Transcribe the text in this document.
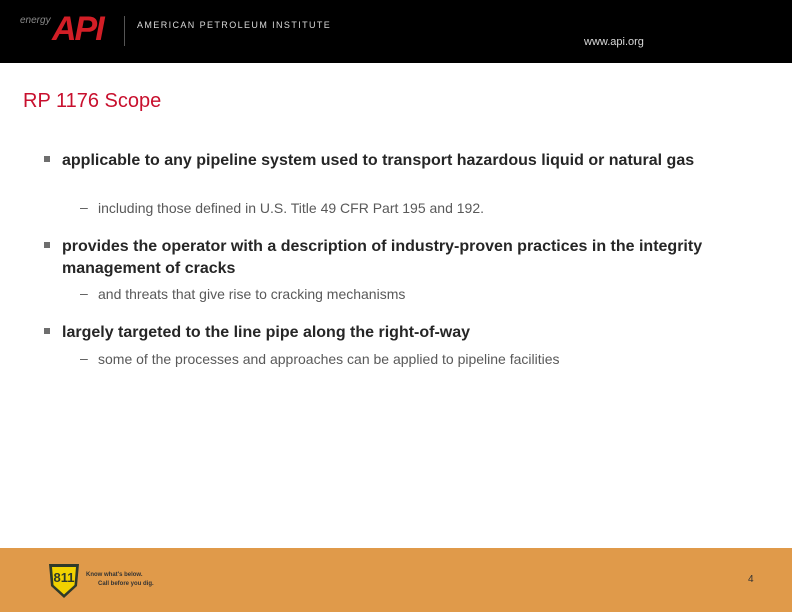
energy API	AMERICAN PETROLEUM INSTITUTE
www.api.org
RP 1176 Scope
applicable to any pipeline system used to transport hazardous liquid or natural gas
– including those defined in U.S. Title 49 CFR Part 195 and 192.
provides the operator with a description of industry-proven practices in the integrity management of cracks
– and threats that give rise to cracking mechanisms
largely targeted to the line pipe along the right-of-way
– some of the processes and approaches can be applied to pipeline facilities
811 Know what's below.
Call before you dig.	4
